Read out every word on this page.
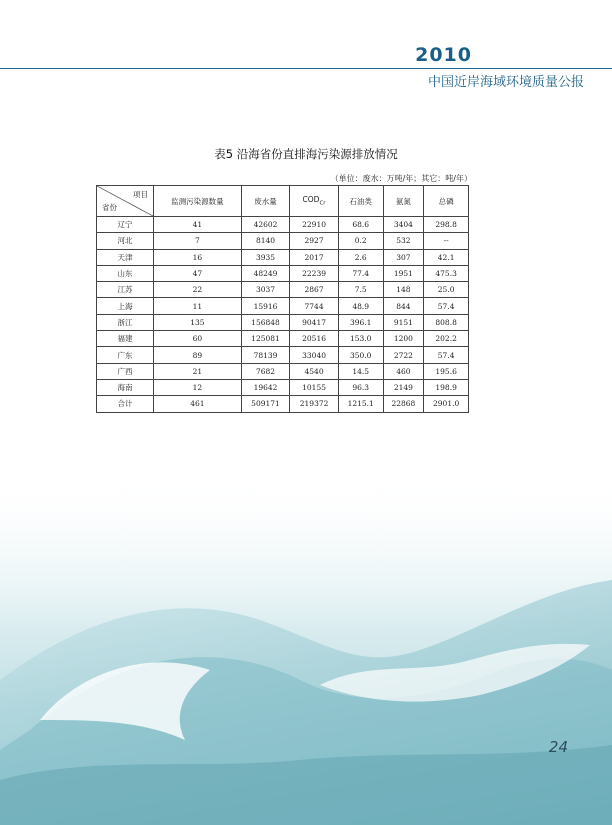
2010
中国近岸海域环境质量公报
表5 沿海省份直排海污染源排放情况
（单位：废水：万吨/年；其它：吨/年）
项目
省份	监测污染源数量	废水量	$COD_{Cr}$	石油类	氨氮	总磷
辽宁	41	42602	22910	68.6	3404	298.8
河北	7	8140	2927	0.2	532	--
天津	16	3935	2017	2.6	307	42.1
山东	47	48249	22239	77.4	1951	475.3
江苏	22	3037	2867	7.5	148	25.0
上海	11	15916	7744	48.9	844	57.4
浙江	135	156848	90417	396.1	9151	808.8
福建	60	125081	20516	153.0	1200	202.2
广东	89	78139	33040	350.0	2722	57.4
广西	21	7682	4540	14.5	460	195.6
海南	12	19642	10155	96.3	2149	198.9
合计	461	509171	219372	1215.1	22868	2901.0
24
